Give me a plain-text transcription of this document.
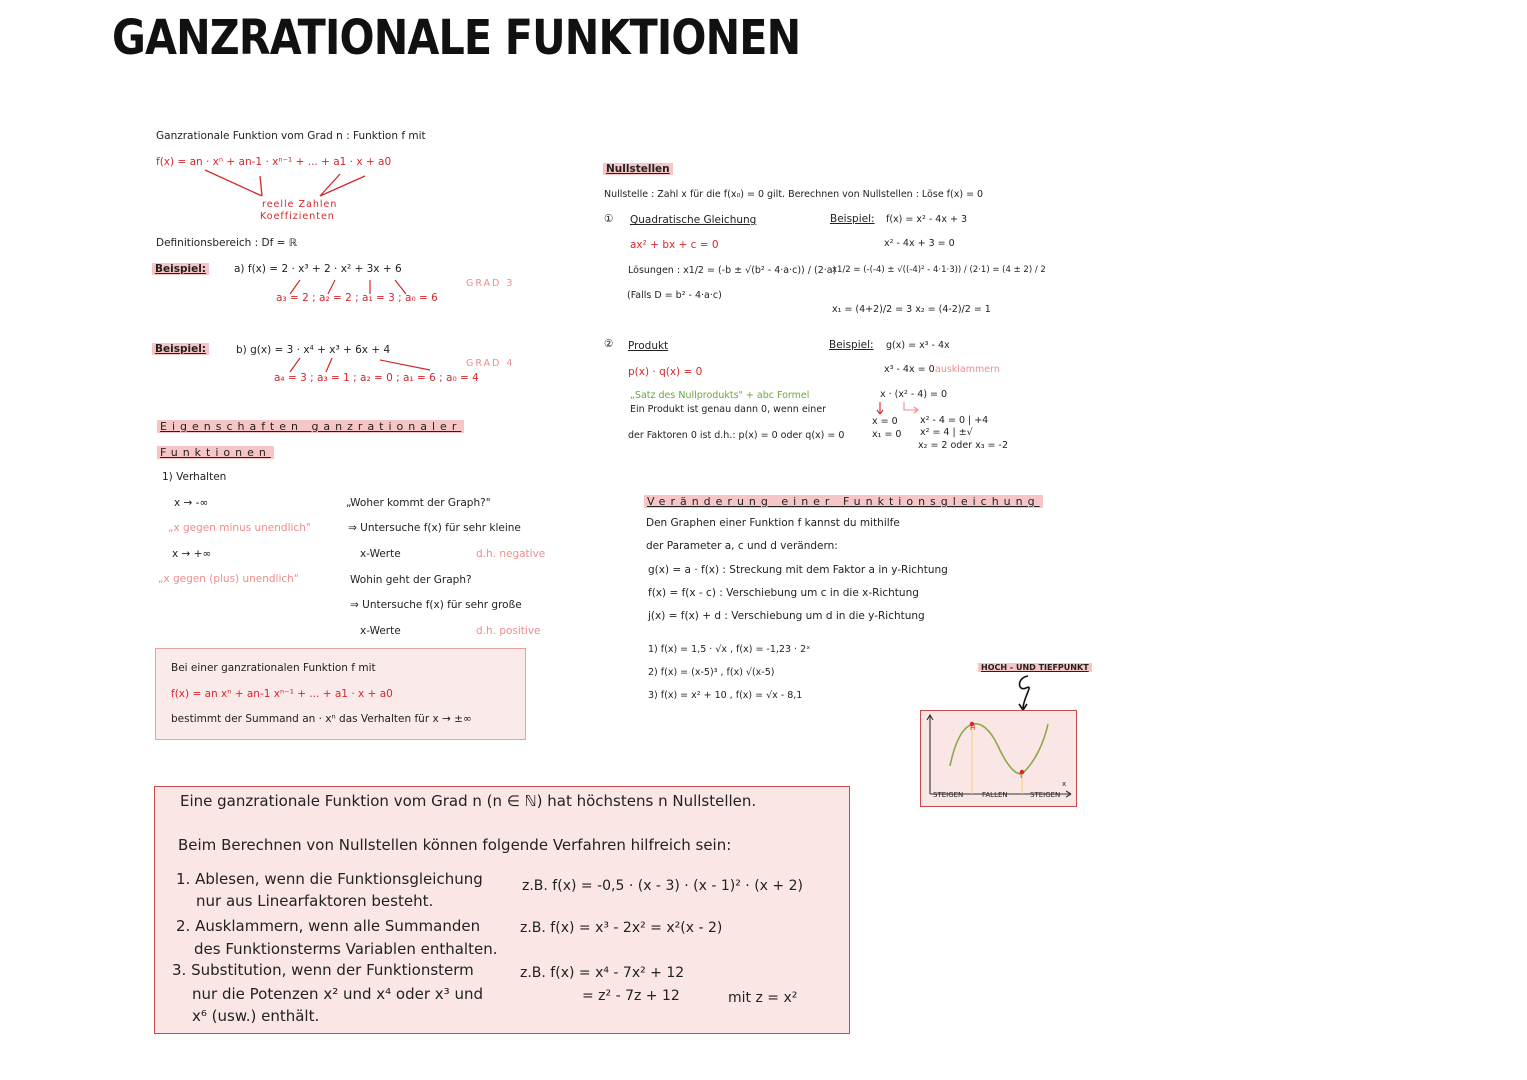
GANZRATIONALE FUNKTIONEN
Ganzrationale Funktion vom Grad n : Funktion f mit
f(x) = an · xⁿ + an-1 · xⁿ⁻¹ + ... + a1 · x + a0
reelle Zahlen
Koeffizienten
Definitionsbereich : Df = ℝ
Beispiel:	a) f(x) = 2 · x³ + 2 · x² + 3x + 6
a₃ = 2 ; a₂ = 2 ; a₁ = 3 ; a₀ = 6
GRAD 3
Beispiel:	b) g(x) = 3 · x⁴ + x³ + 6x + 4
a₄ = 3 ; a₃ = 1 ; a₂ = 0 ; a₁ = 6 ; a₀ = 4
GRAD 4
Eigenschaften ganzrationaler
Funktionen
1) Verhalten
x → -∞
„x gegen minus unendlich"
x → +∞
„x gegen (plus) unendlich"
„Woher kommt der Graph?"
⇒ Untersuche f(x) für sehr kleine
x-Werte	d.h. negative
Wohin geht der Graph?
⇒ Untersuche f(x) für sehr große
x-Werte	d.h. positive
Bei einer ganzrationalen Funktion f mit
f(x) = an xⁿ + an-1 xⁿ⁻¹ + ... + a1 · x + a0
bestimmt der Summand an · xⁿ das Verhalten für x → ±∞
Nullstellen
Nullstelle : Zahl x für die f(x₀) = 0 gilt. Berechnen von Nullstellen : Löse f(x) = 0
① Quadratische Gleichung
ax² + bx + c = 0
Lösungen : x1/2 = (-b ± √(b² - 4·a·c)) / (2·a)
(Falls D = b² - 4·a·c)
Beispiel: f(x) = x² - 4x + 3
x² - 4x + 3 = 0
x1/2 = (-(-4) ± √((-4)² - 4·1·3)) / (2·1) = (4 ± 2) / 2
x₁ = (4+2)/2 = 3 x₂ = (4-2)/2 = 1
② Produkt
p(x) · q(x) = 0
„Satz des Nullprodukts" + abc Formel
Ein Produkt ist genau dann 0, wenn einer
der Faktoren 0 ist d.h.: p(x) = 0 oder q(x) = 0
Beispiel: g(x) = x³ - 4x
x³ - 4x = 0 ausklammern
x · (x² - 4) = 0
x = 0
x₁ = 0
x² - 4 = 0 | +4
x² = 4 | ±√
x₂ = 2 oder x₃ = -2
Veränderung einer Funktionsgleichung
Den Graphen einer Funktion f kannst du mithilfe
der Parameter a, c und d verändern:
g(x) = a · f(x) : Streckung mit dem Faktor a in y-Richtung
f(x) = f(x - c) : Verschiebung um c in die x-Richtung
j(x) = f(x) + d : Verschiebung um d in die y-Richtung
1) f(x) = 1,5 · √x , f(x) = -1,23 · 2ˣ
2) f(x) = (x-5)³ , f(x) √(x-5)
3) f(x) = x² + 10 , f(x) = √x - 8,1
HOCH - UND TIEFPUNKT
H
T
x
STEIGEN	FALLEN	STEIGEN
Eine ganzrationale Funktion vom Grad n (n ∈ ℕ) hat höchstens n Nullstellen.
Beim Berechnen von Nullstellen können folgende Verfahren hilfreich sein:
1. Ablesen, wenn die Funktionsgleichung
nur aus Linearfaktoren besteht.
z.B. f(x) = -0,5 · (x - 3) · (x - 1)² · (x + 2)
2. Ausklammern, wenn alle Summanden
des Funktionsterms Variablen enthalten.
z.B. f(x) = x³ - 2x² = x²(x - 2)
3. Substitution, wenn der Funktionsterm
nur die Potenzen x² und x⁴ oder x³ und
x⁶ (usw.) enthält.
z.B. f(x) = x⁴ - 7x² + 12
= z² - 7z + 12	mit z = x²
